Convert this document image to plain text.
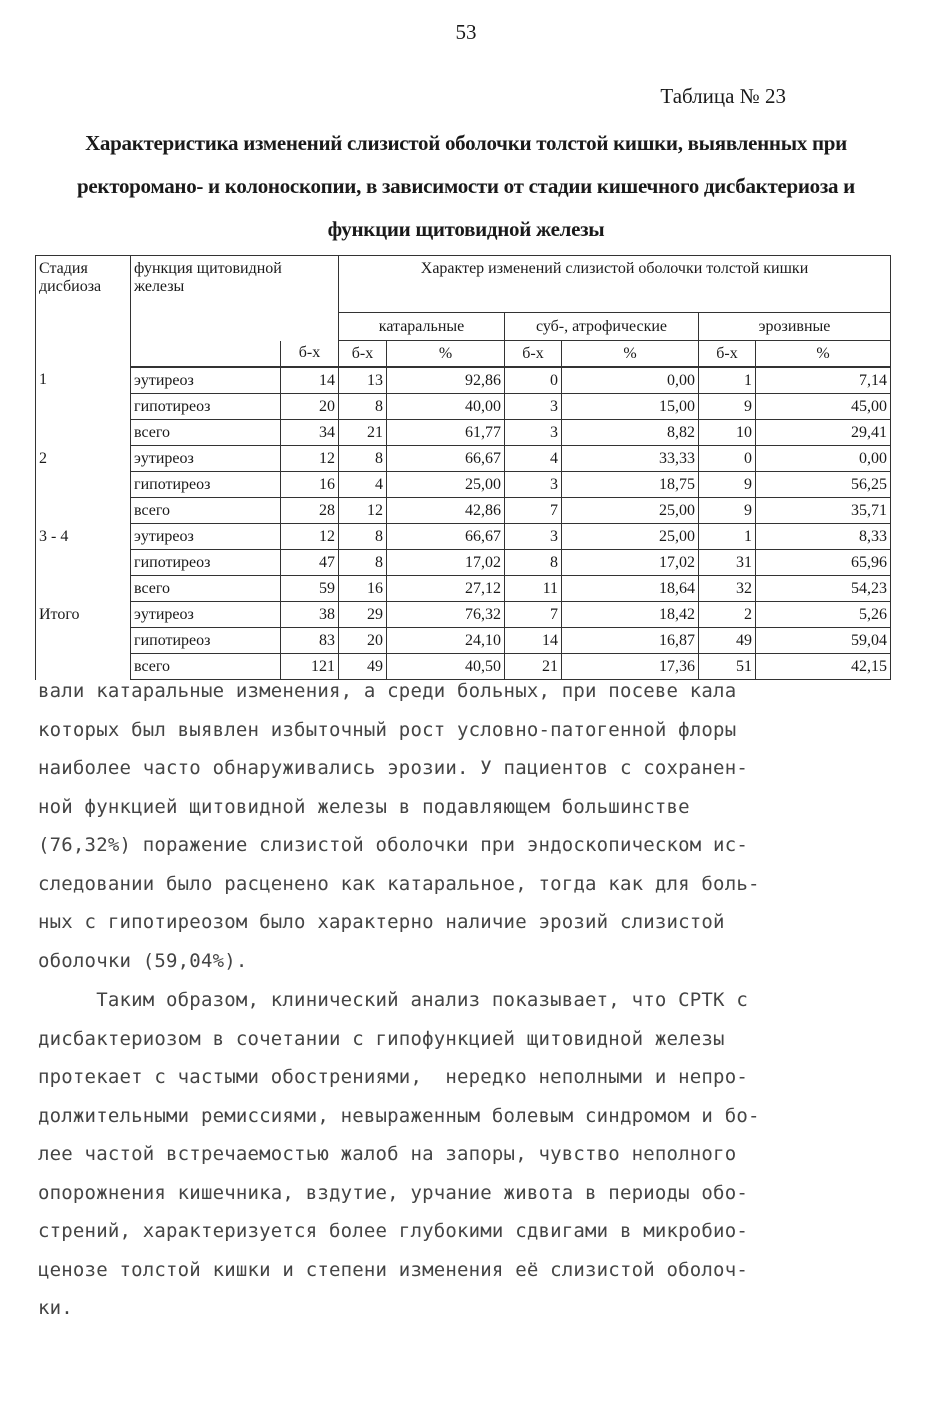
53
Таблица № 23
Характеристика изменений слизистой оболочки толстой кишки, выявленных при
ректороманo- и колоноскопии, в зависимости от стадии кишечного дисбактериоза и
функции щитовидной железы
Стадия дисбиоза	функция щитовидной железы		Характер изменений слизистой оболочки толстой кишки					
			катаральные		суб-, атрофические		эрозивные	
		б-х	б-х	%	б-х	%	б-х	%
1	эутиреоз	14	13	92,86	0	0,00	1	7,14
	гипотиреоз	20	8	40,00	3	15,00	9	45,00
	всего	34	21	61,77	3	8,82	10	29,41
2	эутиреоз	12	8	66,67	4	33,33	0	0,00
	гипотиреоз	16	4	25,00	3	18,75	9	56,25
	всего	28	12	42,86	7	25,00	9	35,71
3 - 4	эутиреоз	12	8	66,67	3	25,00	1	8,33
	гипотиреоз	47	8	17,02	8	17,02	31	65,96
	всего	59	16	27,12	11	18,64	32	54,23
Итого	эутиреоз	38	29	76,32	7	18,42	2	5,26
	гипотиреоз	83	20	24,10	14	16,87	49	59,04
	всего	121	49	40,50	21	17,36	51	42,15
вали катаральные изменения, а среди больных, при посеве кала
которых был выявлен избыточный рост условно-патогенной флоры
наиболее часто обнаруживались эрозии. У пациентов с сохранен-
ной функцией щитовидной железы в подавляющем большинстве
(76,32%) поражение слизистой оболочки при эндоскопическом ис-
следовании было расценено как катаральное, тогда как для боль-
ных с гипотиреозом было характерно наличие эрозий слизистой
оболочки (59,04%).
Таким образом, клинический анализ показывает, что СРТК с
дисбактериозом в сочетании с гипофункцией щитовидной железы
протекает с частыми обострениями,  нередко неполными и непро-
должительными ремиссиями, невыраженным болевым синдромом и бо-
лее частой встречаемостью жалоб на запоры, чувство неполного
опорожнения кишечника, вздутие, урчание живота в периоды обо-
стрений, характеризуется более глубокими сдвигами в микробио-
ценозе толстой кишки и степени изменения её слизистой оболоч-
ки.
